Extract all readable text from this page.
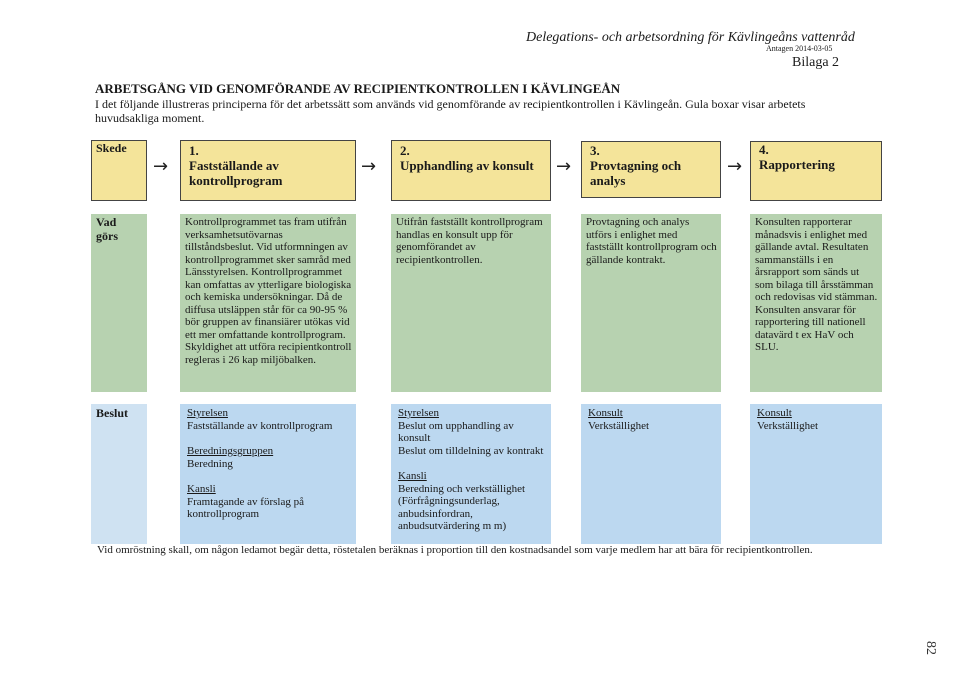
Delegations- och arbetsordning för Kävlingeåns vattenråd
Antagen 2014-03-05
Bilaga 2
ARBETSGÅNG VID GENOMFÖRANDE AV RECIPIENTKONTROLLEN I KÄVLINGEÅN
I det följande illustreras principerna för det arbetssätt som används vid genomförande av recipientkontrollen i Kävlingeån. Gula boxar visar arbetets huvudsakliga moment.
Skede
→
1.
Fastställande av kontrollprogram
→
2.
Upphandling av konsult	→
3.
Provtagning och analys
→
4.
Rapportering
Vad görs
Kontrollprogrammet tas fram utifrån verksamhetsutövarnas tillståndsbeslut. Vid utformningen av kontrollprogrammet sker samråd med Länsstyrelsen. Kontrollprogrammet kan omfattas av ytterligare biologiska och kemiska undersökningar. Då de diffusa utsläppen står för ca 90-95 % bör gruppen av finansiärer utökas vid ett mer omfattande kontrollprogram. Skyldighet att utföra recipientkontroll regleras i 26 kap miljöbalken.
Utifrån fastställt kontrollprogram handlas en konsult upp för genomförandet av recipientkontrollen.
Provtagning och analys utförs i enlighet med fastställt kontrollprogram och gällande kontrakt.
Konsulten rapporterar månadsvis i enlighet med gällande avtal. Resultaten sammanställs i en årsrapport som sänds ut som bilaga till årsstämman och redovisas vid stämman. Konsulten ansvarar för rapportering till nationell datavärd t ex HaV och SLU.
Beslut	Styrelsen
Fastställande av kontrollprogram
Beredningsgruppen
Beredning
Kansli
Framtagande av förslag på kontrollprogram
Styrelsen
Beslut om upphandling av konsult
Beslut om tilldelning av kontrakt
Kansli
Beredning och verkställighet (Förfrågningsunderlag, anbudsinfordran, anbudsutvärdering m m)
Konsult
Verkställighet
Konsult
Verkställighet
Vid omröstning skall, om någon ledamot begär detta, röstetalen beräknas i proportion till den kostnadsandel som varje medlem har att bära för recipientkontrollen.
82
